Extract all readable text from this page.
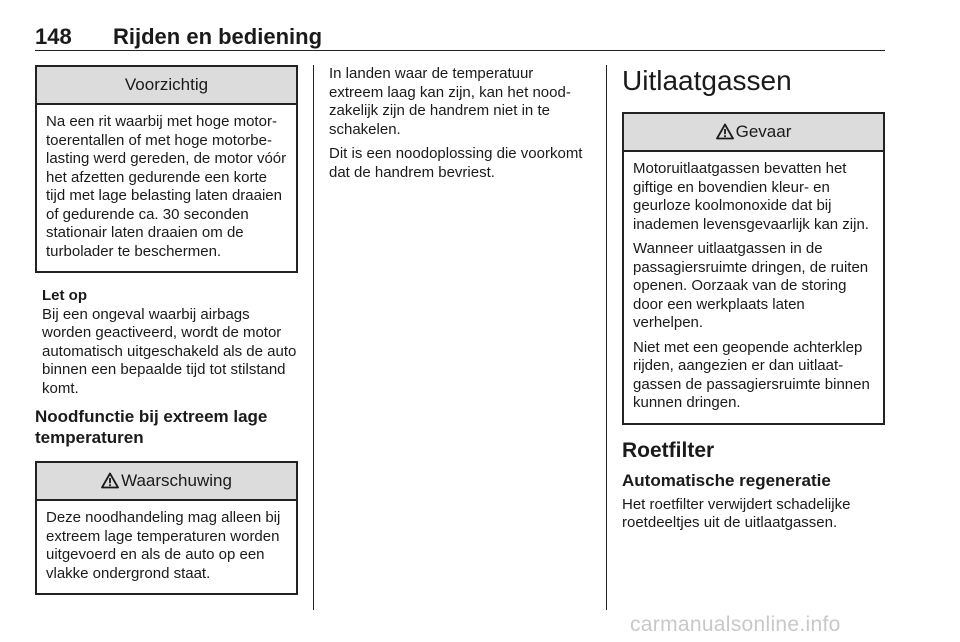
148 Rijden en bediening
Voorzichtig

Na een rit waarbij met hoge motortoerentallen of met hoge motorbelasting werd gereden, de motor vóór het afzetten gedurende een korte tijd met lage belasting laten draaien of gedurende ca. 30 seconden stationair laten draaien om de turbolader te beschermen.

Let op

Bij een ongeval waarbij airbags worden geactiveerd, wordt de motor automatisch uitgeschakeld als de auto binnen een bepaalde tijd tot stilstand komt.

Noodfunctie bij extreem lage temperaturen
Waarschuwing

Deze noodhandeling mag alleen bij extreem lage temperaturen worden uitgevoerd en als de auto op een vlakke ondergrond staat.

In landen waar de temperatuur extreem laag kan zijn, kan het noodzakelijk zijn de handrem niet in te schakelen.

Dit is een noodoplossing die voorkomt dat de handrem bevriest.

Uitlaatgassen
Gevaar

Motoruitlaatgassen bevatten het giftige en bovendien kleur- en geurloze koolmonoxide dat bij inademen levensgevaarlijk kan zijn.

Wanneer uitlaatgassen in de passagiersruimte dringen, de ruiten openen. Oorzaak van de storing door een werkplaats laten verhelpen.

Niet met een geopende achterklep rijden, aangezien er dan uitlaatgassen de passagiersruimte binnen kunnen dringen.

Roetfilter
Automatische regeneratie

Het roetfilter verwijdert schadelijke roetdeeltjes uit de uitlaatgassen.

carmanualsonline.info
